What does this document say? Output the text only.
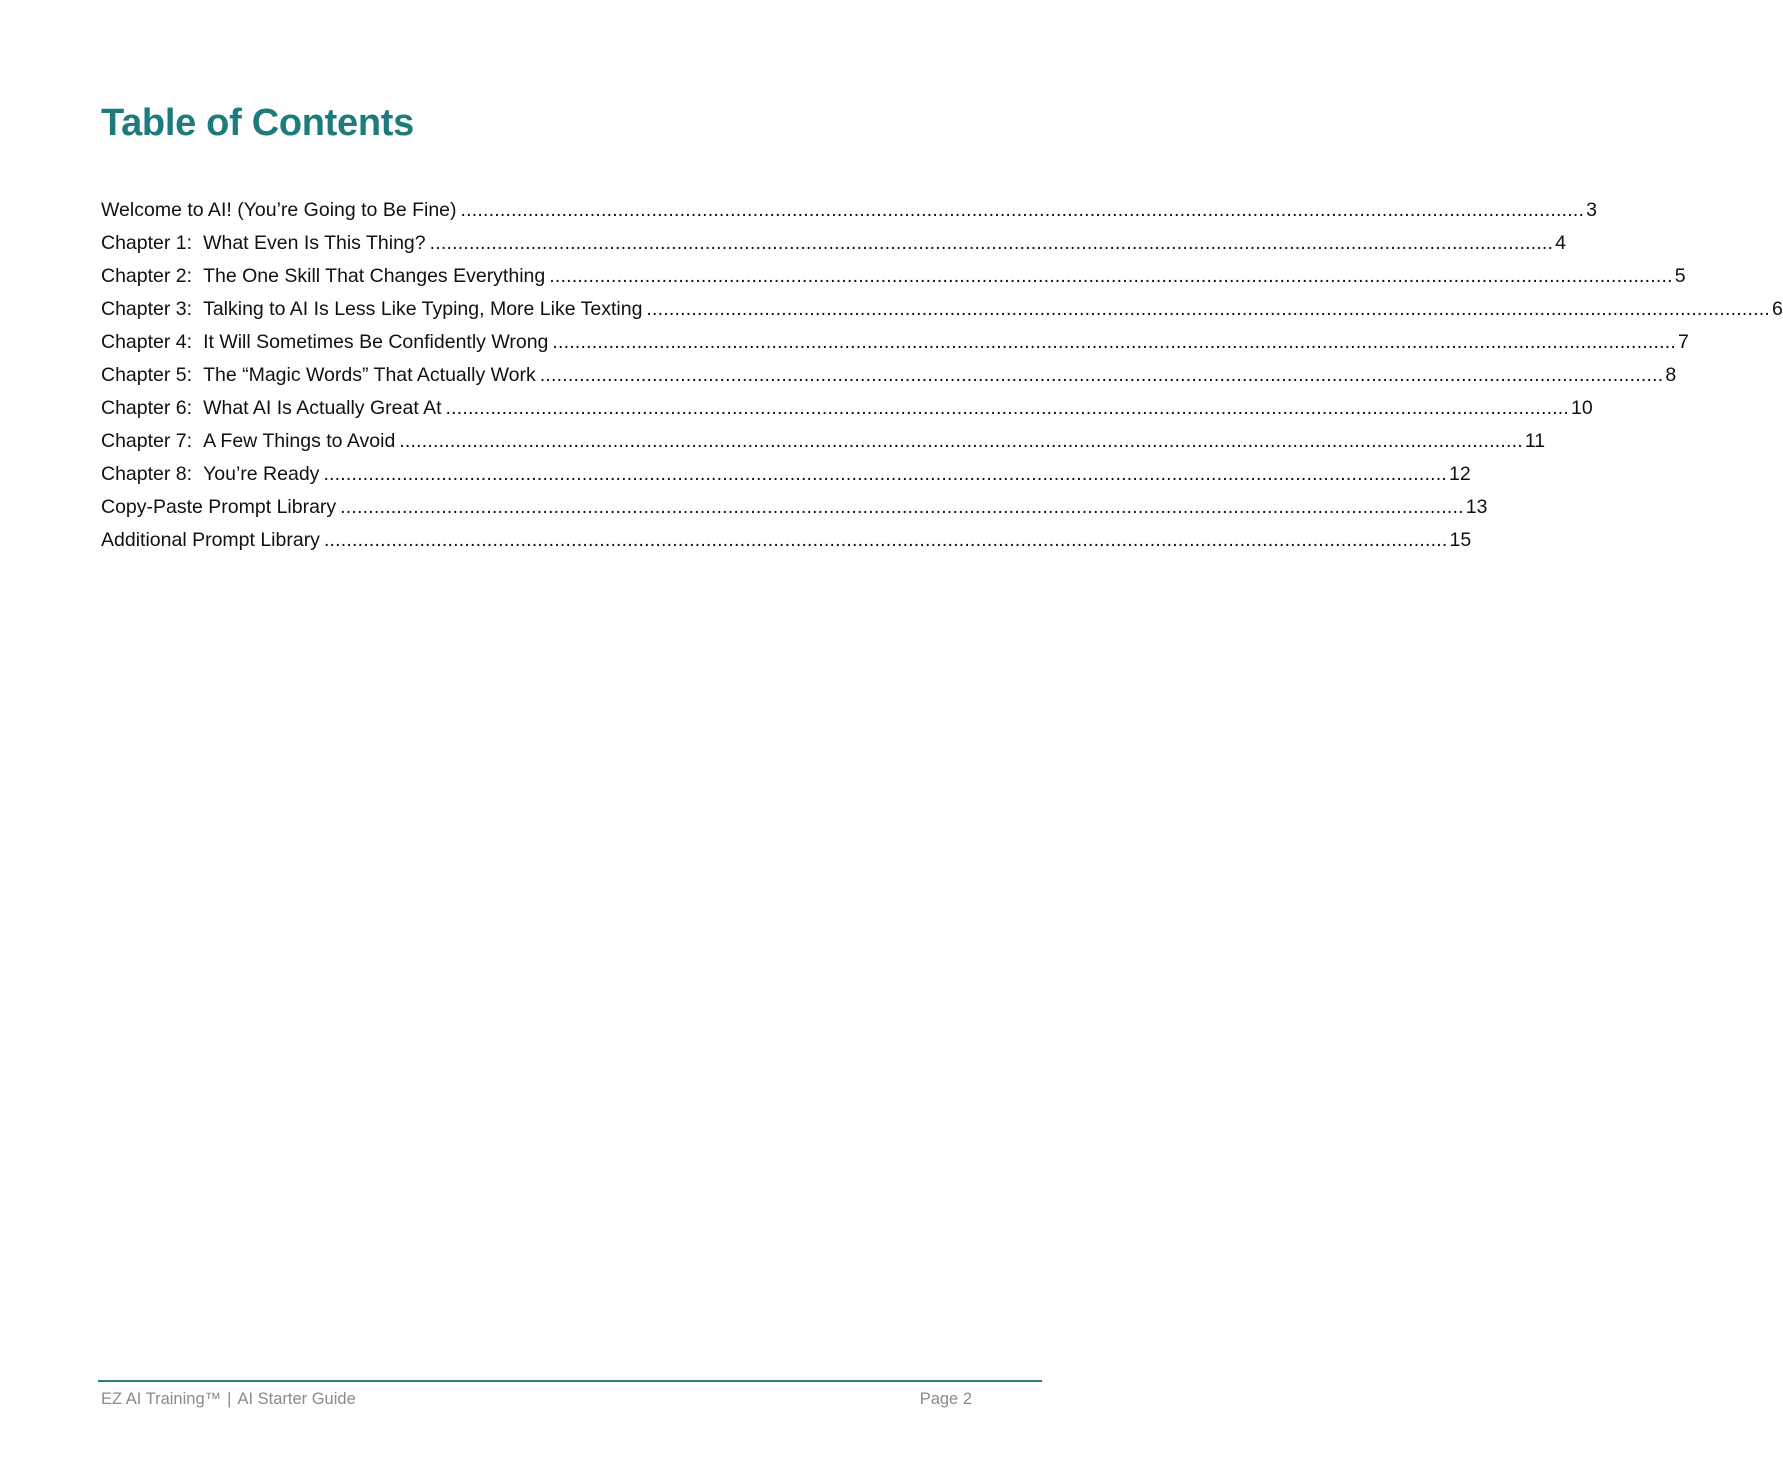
Table of Contents
Welcome to AI! (You’re Going to Be Fine) ........................................................................................................................................................................................................ 3
Chapter 1: What Even Is This Thing? ........................................................................................................................................................................................................ 4
Chapter 2: The One Skill That Changes Everything ........................................................................................................................................................................................................ 5
Chapter 3: Talking to AI Is Less Like Typing, More Like Texting ........................................................................................................................................................................................................ 6
Chapter 4: It Will Sometimes Be Confidently Wrong ........................................................................................................................................................................................................ 7
Chapter 5: The “Magic Words” That Actually Work ........................................................................................................................................................................................................ 8
Chapter 6: What AI Is Actually Great At ........................................................................................................................................................................................................ 10
Chapter 7: A Few Things to Avoid ........................................................................................................................................................................................................ 11
Chapter 8: You’re Ready ........................................................................................................................................................................................................ 12
Copy-Paste Prompt Library ........................................................................................................................................................................................................ 13
Additional Prompt Library ........................................................................................................................................................................................................ 15
EZ AI Training™ | AI Starter Guide	Page 2
